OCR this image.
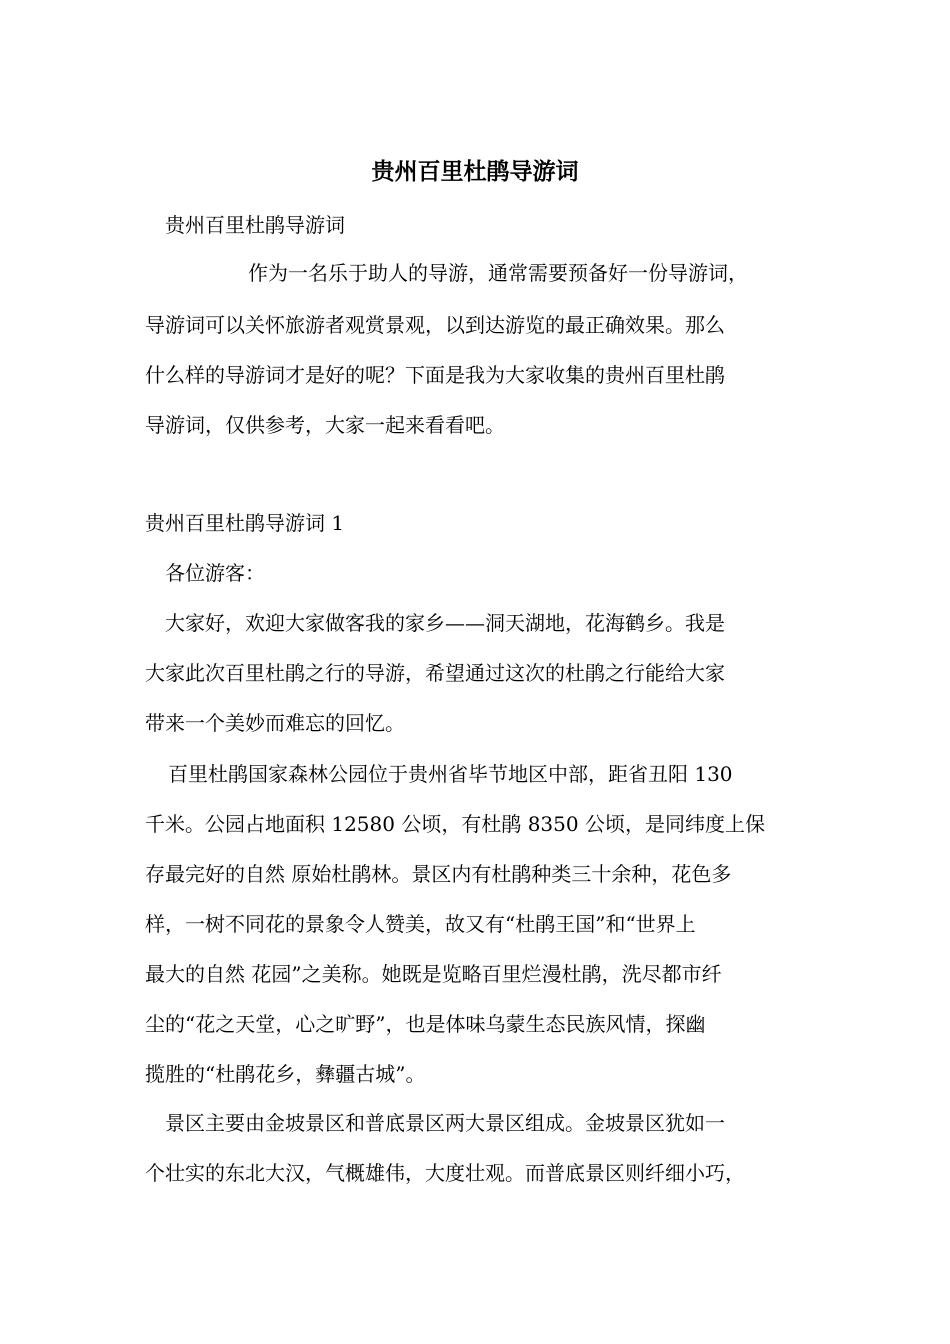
贵州百里杜鹃导游词
贵州百里杜鹃导游词
作为一名乐于助人的导游，通常需要预备好一份导游词，
导游词可以关怀旅游者观赏景观，以到达游览的最正确效果。那么
什么样的导游词才是好的呢？下面是我为大家收集的贵州百里杜鹃
导游词，仅供参考，大家一起来看看吧。
贵州百里杜鹃导游词 1
各位游客：
大家好，欢迎大家做客我的家乡——洞天湖地，花海鹤乡。我是
大家此次百里杜鹃之行的导游，希望通过这次的杜鹃之行能给大家
带来一个美妙而难忘的回忆。
百里杜鹃国家森林公园位于贵州省毕节地区中部，距省丑阳 130
千米。公园占地面积 12580 公顷，有杜鹃 8350 公顷，是同纬度上保
存最完好的自然 原始杜鹃林。景区内有杜鹃种类三十余种，花色多
样，一树不同花的景象令人赞美，故又有“杜鹃王国”和“世界上
最大的自然 花园”之美称。她既是览略百里烂漫杜鹃，洗尽都市纤
尘的“花之天堂，心之旷野”，也是体味乌蒙生态民族风情，探幽
揽胜的“杜鹃花乡，彝疆古城”。
景区主要由金坡景区和普底景区两大景区组成。金坡景区犹如一
个壮实的东北大汉，气概雄伟，大度壮观。而普底景区则纤细小巧，
